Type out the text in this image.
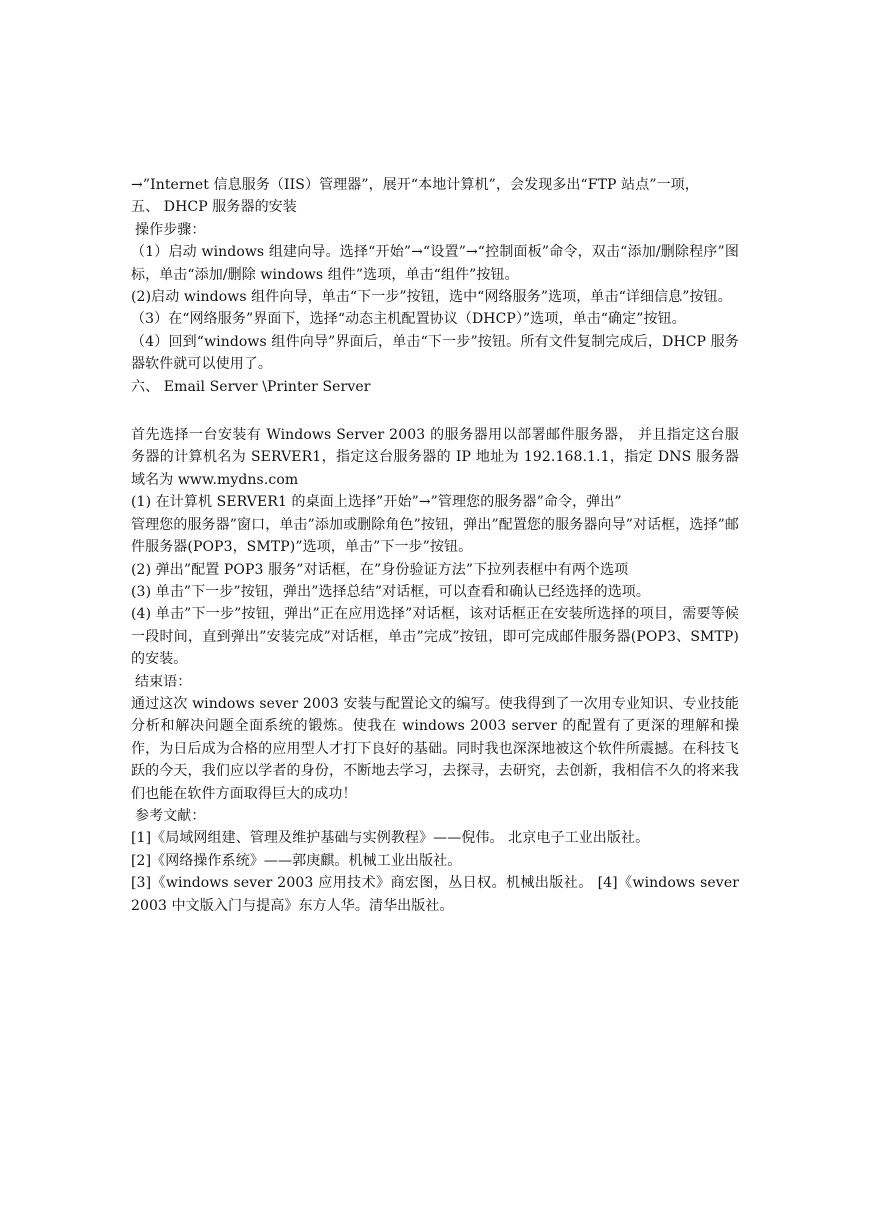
→”Internet 信息服务（IIS）管理器”，展开“本地计算机”，会发现多出“FTP 站点”一项，

五、 DHCP 服务器的安装

操作步骤：

（1）启动 windows 组建向导。选择“开始”→“设置”→“控制面板”命令，双击“添加/删除程序”图标，单击“添加/删除 windows 组件”选项，单击“组件”按钮。

(2)启动 windows 组件向导，单击“下一步”按钮，选中“网络服务”选项，单击“详细信息”按钮。

（3）在“网络服务”界面下，选择“动态主机配置协议（DHCP）”选项，单击“确定”按钮。

（4）回到“windows 组件向导”界面后，单击“下一步”按钮。所有文件复制完成后，DHCP 服务器软件就可以使用了。

六、 Email Server \Printer Server

首先选择一台安装有 Windows Server 2003 的服务器用以部署邮件服务器， 并且指定这台服务器的计算机名为 SERVER1，指定这台服务器的 IP 地址为 192.168.1.1，指定 DNS 服务器域名为 www.mydns.com

(1) 在计算机 SERVER1 的桌面上选择”开始”→”管理您的服务器”命令，弹出”

管理您的服务器”窗口，单击”添加或删除角色”按钮，弹出”配置您的服务器向导”对话框，选择”邮件服务器(POP3，SMTP)”选项，单击”下一步”按钮。

(2) 弹出”配置 POP3 服务”对话框，在”身份验证方法”下拉列表框中有两个选项

(3) 单击”下一步”按钮，弹出”选择总结”对话框，可以查看和确认已经选择的选项。

(4) 单击”下一步”按钮，弹出”正在应用选择”对话框，该对话框正在安装所选择的项目，需要等候一段时间，直到弹出”安装完成”对话框，单击”完成”按钮，即可完成邮件服务器(POP3、SMTP)的安装。

结束语：

通过这次 windows sever 2003 安装与配置论文的编写。使我得到了一次用专业知识、专业技能分析和解决问题全面系统的锻炼。使我在 windows 2003 server 的配置有了更深的理解和操作，为日后成为合格的应用型人才打下良好的基础。同时我也深深地被这个软件所震撼。在科技飞跃的今天，我们应以学者的身份，不断地去学习，去探寻，去研究，去创新，我相信不久的将来我们也能在软件方面取得巨大的成功！

参考文献：

[1]《局域网组建、管理及维护基础与实例教程》——倪伟。 北京电子工业出版社。

[2]《网络操作系统》——郭庚麒。机械工业出版社。

[3]《windows sever 2003 应用技术》商宏图，丛日权。机械出版社。 [4]《windows sever 2003 中文版入门与提高》东方人华。清华出版社。
